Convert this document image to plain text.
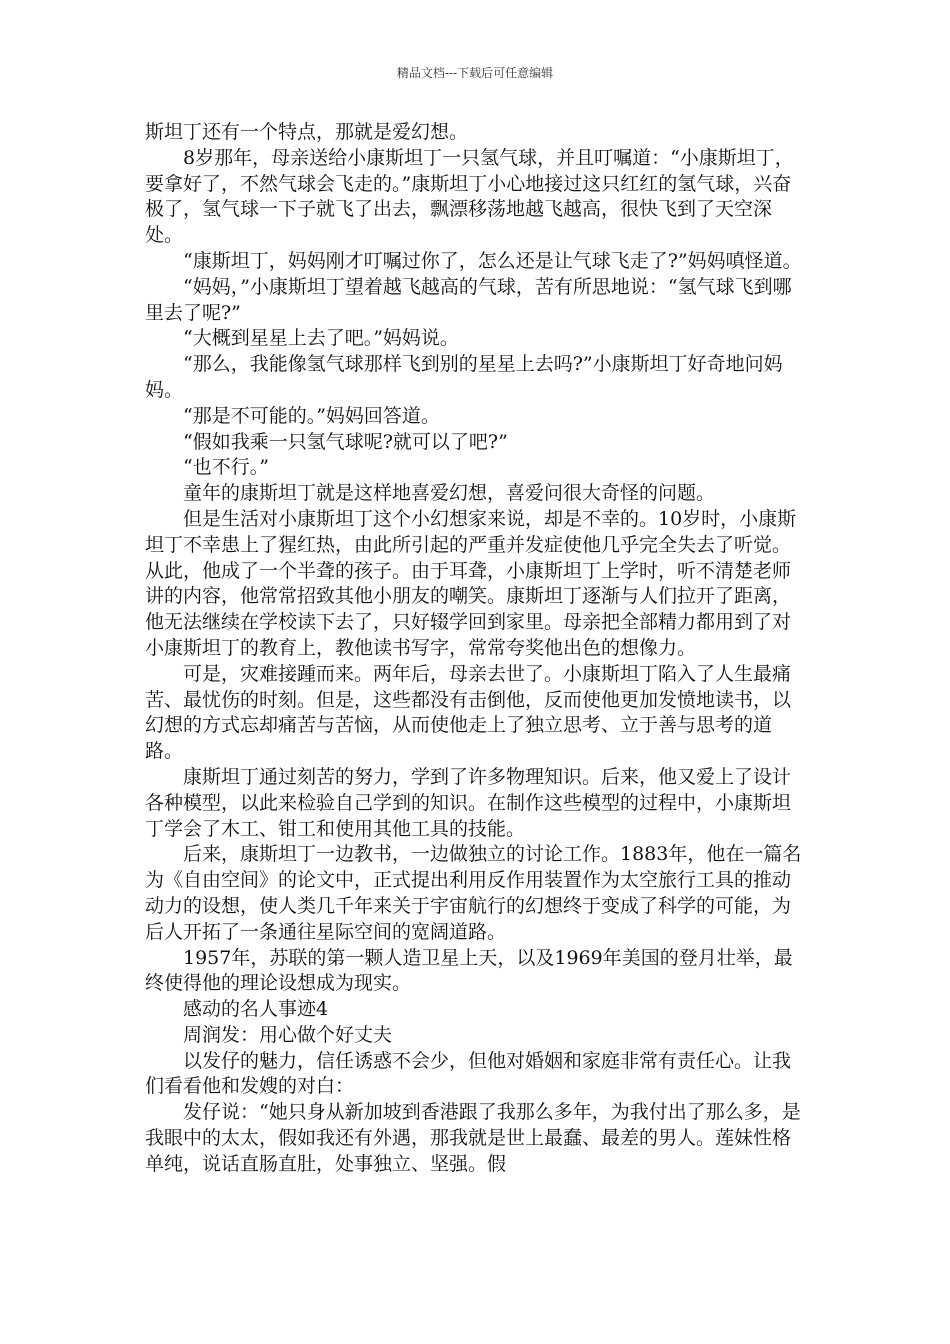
精品文档---下载后可任意编辑

斯坦丁还有一个特点，那就是爱幻想。

8岁那年，母亲送给小康斯坦丁一只氢气球，并且叮嘱道：“小康斯坦丁，要拿好了，不然气球会飞走的。”康斯坦丁小心地接过这只红红的氢气球，兴奋极了，氢气球一下子就飞了出去，飘漂移荡地越飞越高，很快飞到了天空深处。

“康斯坦丁，妈妈刚才叮嘱过你了，怎么还是让气球飞走了?”妈妈嗔怪道。

“妈妈，”小康斯坦丁望着越飞越高的气球，苦有所思地说：“氢气球飞到哪里去了呢?”

“大概到星星上去了吧。”妈妈说。

“那么，我能像氢气球那样飞到别的星星上去吗?”小康斯坦丁好奇地问妈妈。

“那是不可能的。”妈妈回答道。

“假如我乘一只氢气球呢?就可以了吧?”

“也不行。”

童年的康斯坦丁就是这样地喜爱幻想，喜爱问很大奇怪的问题。

但是生活对小康斯坦丁这个小幻想家来说，却是不幸的。10岁时，小康斯坦丁不幸患上了猩红热，由此所引起的严重并发症使他几乎完全失去了听觉。从此，他成了一个半聋的孩子。由于耳聋，小康斯坦丁上学时，听不清楚老师讲的内容，他常常招致其他小朋友的嘲笑。康斯坦丁逐渐与人们拉开了距离，他无法继续在学校读下去了，只好辍学回到家里。母亲把全部精力都用到了对小康斯坦丁的教育上，教他读书写字，常常夸奖他出色的想像力。

可是，灾难接踵而来。两年后，母亲去世了。小康斯坦丁陷入了人生最痛苦、最忧伤的时刻。但是，这些都没有击倒他，反而使他更加发愤地读书，以幻想的方式忘却痛苦与苦恼，从而使他走上了独立思考、立于善与思考的道路。

康斯坦丁通过刻苦的努力，学到了许多物理知识。后来，他又爱上了设计各种模型，以此来检验自己学到的知识。在制作这些模型的过程中，小康斯坦丁学会了木工、钳工和使用其他工具的技能。

后来，康斯坦丁一边教书，一边做独立的讨论工作。1883年，他在一篇名为《自由空间》的论文中，正式提出利用反作用装置作为太空旅行工具的推动动力的设想，使人类几千年来关于宇宙航行的幻想终于变成了科学的可能，为后人开拓了一条通往星际空间的宽阔道路。

1957年，苏联的第一颗人造卫星上天，以及1969年美国的登月壮举，最终使得他的理论设想成为现实。

感动的名人事迹4

周润发：用心做个好丈夫

以发仔的魅力，信任诱惑不会少，但他对婚姻和家庭非常有责任心。让我们看看他和发嫂的对白：

发仔说：“她只身从新加坡到香港跟了我那么多年，为我付出了那么多，是我眼中的太太，假如我还有外遇，那我就是世上最蠢、最差的男人。莲妹性格单纯，说话直肠直肚，处事独立、坚强。假
